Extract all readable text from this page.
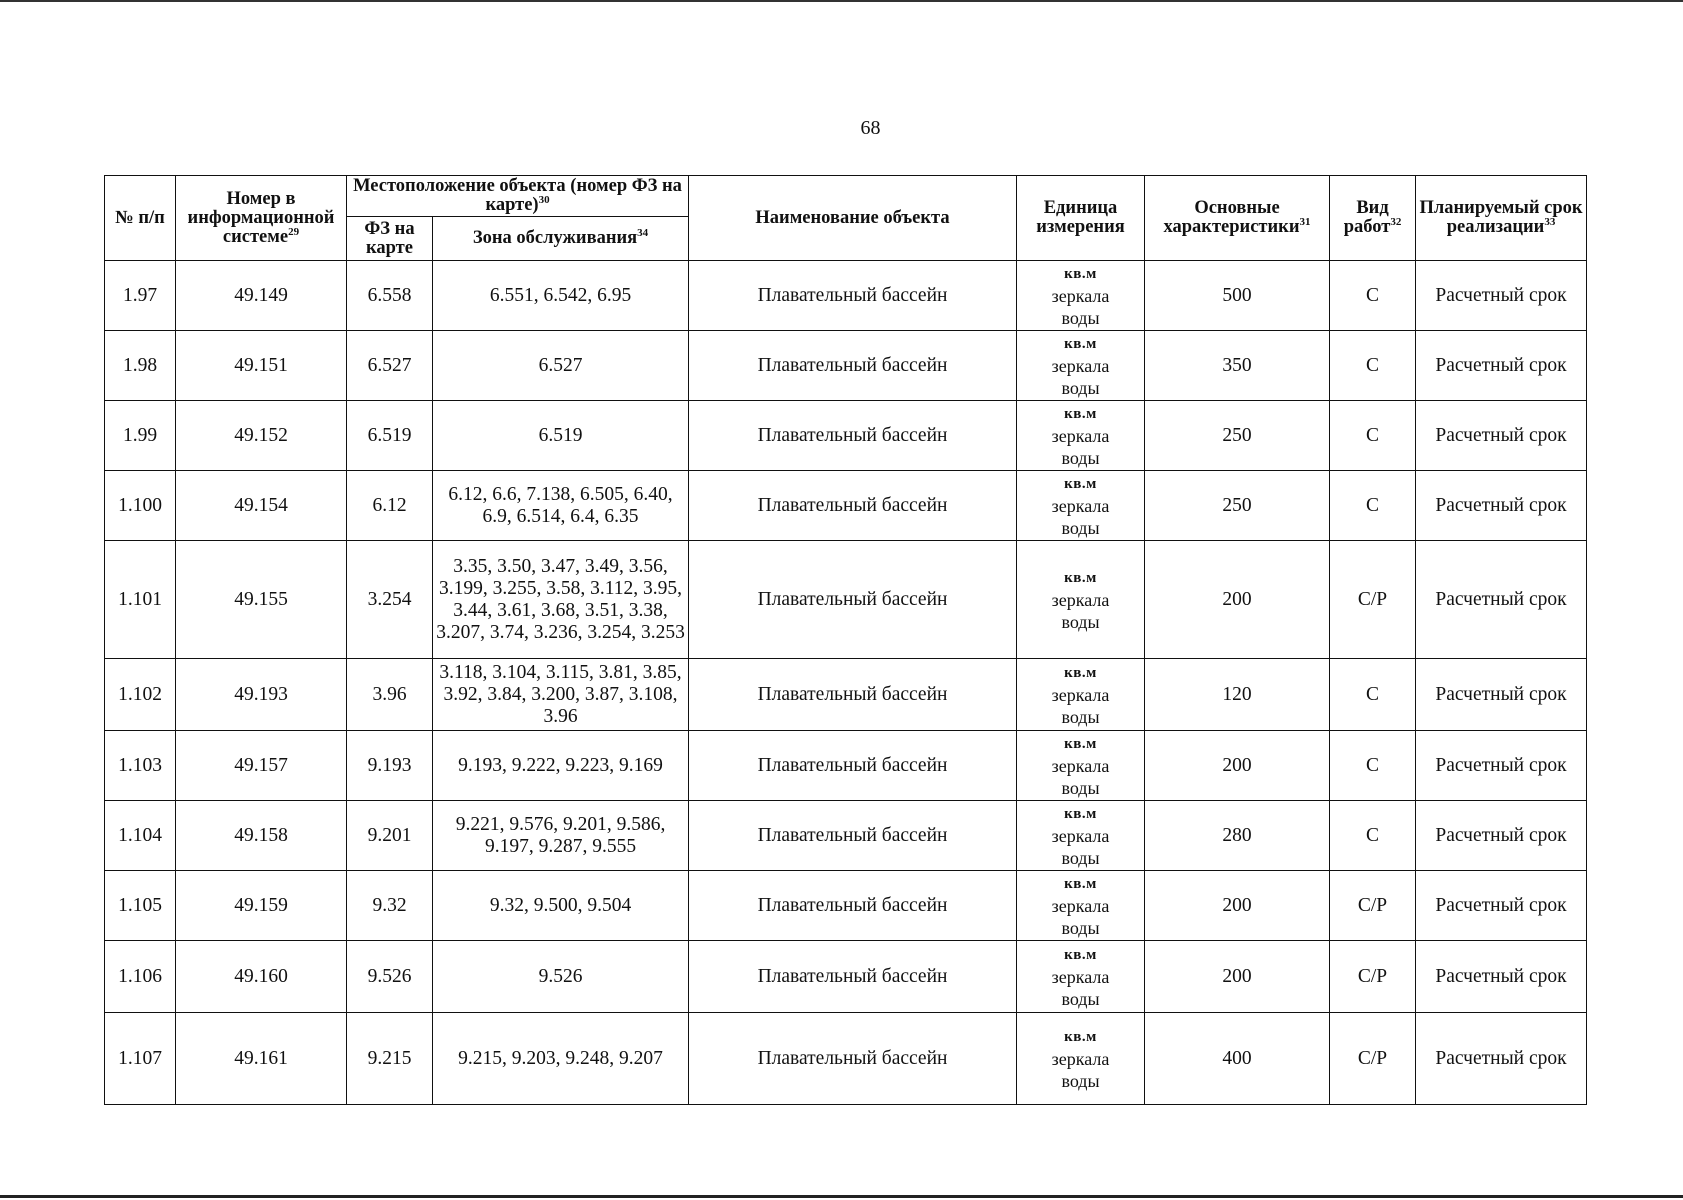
68
№ п/п	Номер в информационной системе$^{29}$	Местоположение объекта (номер ФЗ на карте)$^{30}$		Наименование объекта	Единица измерения	Основные характеристики$^{31}$	Вид работ$^{32}$	Планируемый срок реализации$^{33}$
		ФЗ на карте	Зона обслуживания$^{34}$
1.97	49.149	6.558	6.551, 6.542, 6.95	Плавательный бассейн	кв.м
зеркала
воды	500	С	Расчетный срок
1.98	49.151	6.527	6.527	Плавательный бассейн	кв.м
зеркала
воды	350	С	Расчетный срок
1.99	49.152	6.519	6.519	Плавательный бассейн	кв.м
зеркала
воды	250	С	Расчетный срок
1.100	49.154	6.12	6.12, 6.6, 7.138, 6.505, 6.40, 6.9, 6.514, 6.4, 6.35	Плавательный бассейн	кв.м
зеркала
воды	250	С	Расчетный срок
1.101	49.155	3.254	3.35, 3.50, 3.47, 3.49, 3.56, 3.199, 3.255, 3.58, 3.112, 3.95, 3.44, 3.61, 3.68, 3.51, 3.38, 3.207, 3.74, 3.236, 3.254, 3.253	Плавательный бассейн	кв.м
зеркала
воды	200	С/Р	Расчетный срок
1.102	49.193	3.96	3.118, 3.104, 3.115, 3.81, 3.85, 3.92, 3.84, 3.200, 3.87, 3.108, 3.96	Плавательный бассейн	кв.м
зеркала
воды	120	С	Расчетный срок
1.103	49.157	9.193	9.193, 9.222, 9.223, 9.169	Плавательный бассейн	кв.м
зеркала
воды	200	С	Расчетный срок
1.104	49.158	9.201	9.221, 9.576, 9.201, 9.586, 9.197, 9.287, 9.555	Плавательный бассейн	кв.м
зеркала
воды	280	С	Расчетный срок
1.105	49.159	9.32	9.32, 9.500, 9.504	Плавательный бассейн	кв.м
зеркала
воды	200	С/Р	Расчетный срок
1.106	49.160	9.526	9.526	Плавательный бассейн	кв.м
зеркала
воды	200	С/Р	Расчетный срок
1.107	49.161	9.215	9.215, 9.203, 9.248, 9.207	Плавательный бассейн	кв.м
зеркала
воды	400	С/Р	Расчетный срок
